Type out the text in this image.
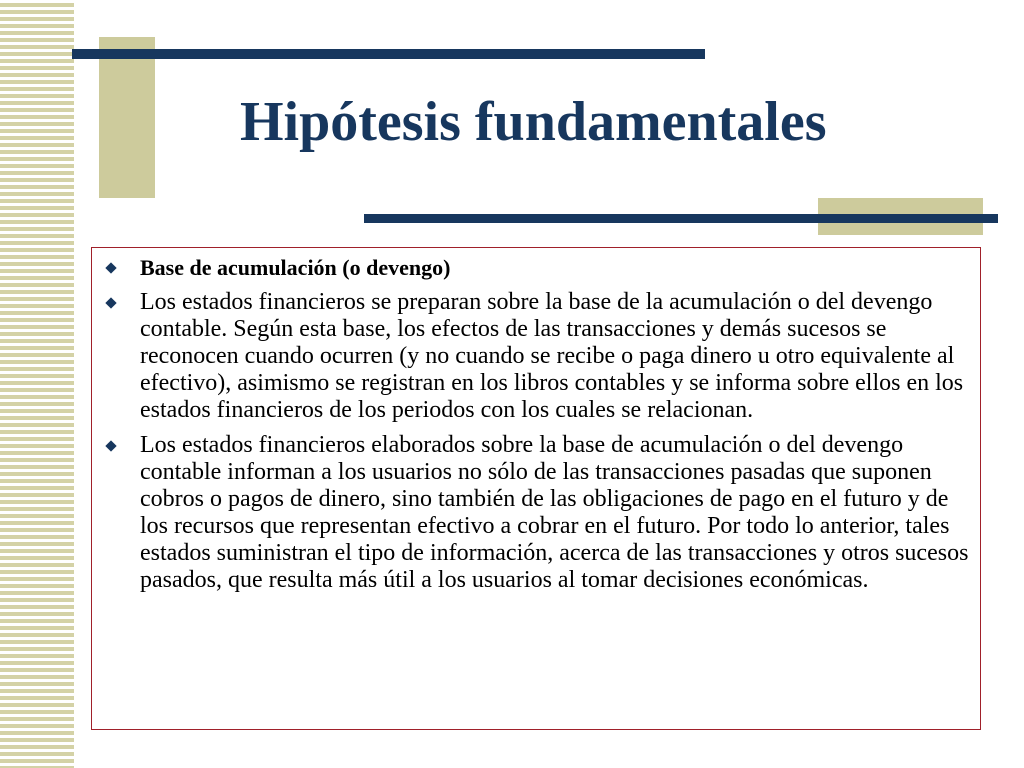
Hipótesis fundamentales
Base de acumulación (o devengo)
Los estados financieros se preparan sobre la base de la acumulación o del devengo contable. Según esta base, los efectos de las transacciones y demás sucesos se reconocen cuando ocurren (y no cuando se recibe o paga dinero u otro equivalente al efectivo), asimismo se registran en los libros contables y se informa sobre ellos en los estados financieros de los periodos con los cuales se relacionan.
Los estados financieros elaborados sobre la base de acumulación o del devengo contable informan a los usuarios no sólo de las transacciones pasadas que suponen cobros o pagos de dinero, sino también de las obligaciones de pago en el futuro y de los recursos que representan efectivo a cobrar en el futuro. Por todo lo anterior, tales estados suministran el tipo de información, acerca de las transacciones y otros sucesos pasados, que resulta más útil a los usuarios al tomar decisiones económicas.
